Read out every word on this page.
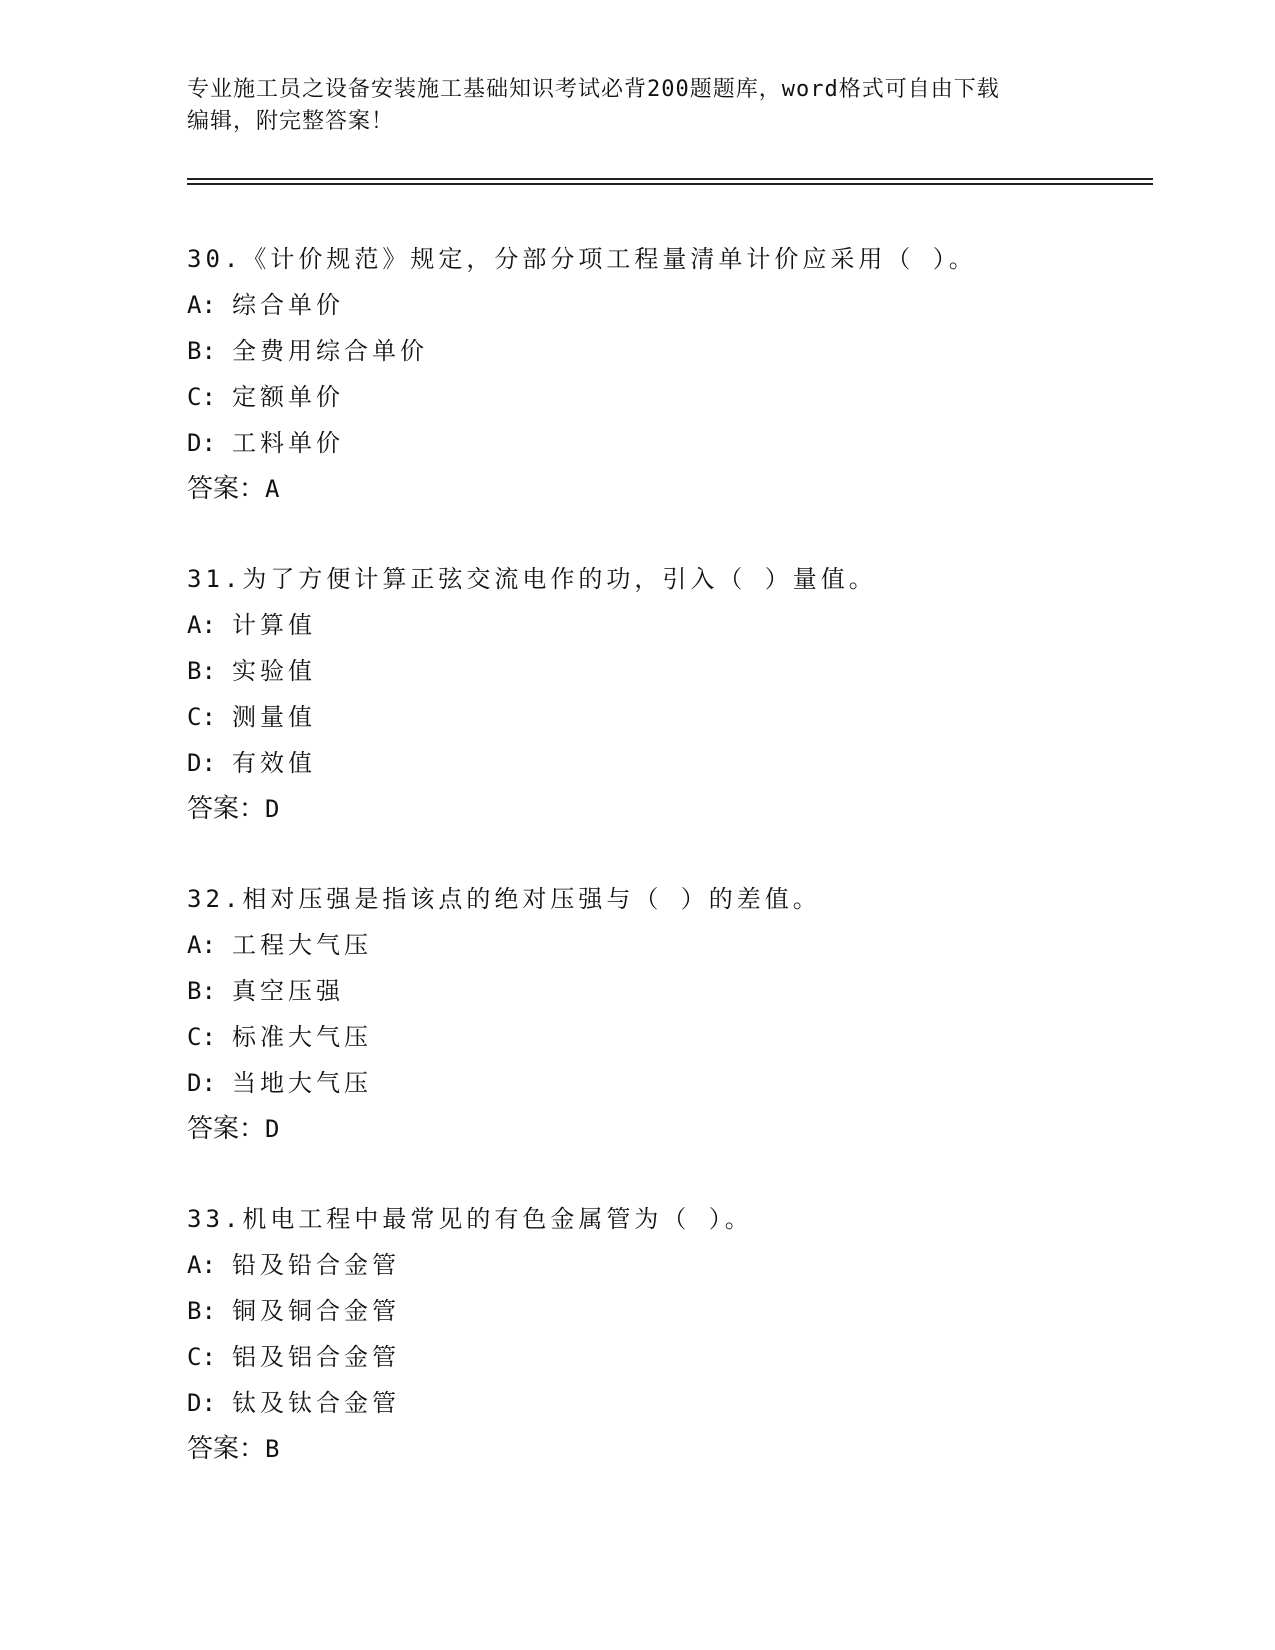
专业施工员之设备安装施工基础知识考试必背200题题库，word格式可自由下载
编辑，附完整答案！
30.《计价规范》规定，分部分项工程量清单计价应采用（ ）。
A: 综合单价
B: 全费用综合单价
C: 定额单价
D: 工料单价
答案：A
31.为了方便计算正弦交流电作的功，引入（ ）量值。
A: 计算值
B: 实验值
C: 测量值
D: 有效值
答案：D
32.相对压强是指该点的绝对压强与（ ）的差值。
A: 工程大气压
B: 真空压强
C: 标准大气压
D: 当地大气压
答案：D
33.机电工程中最常见的有色金属管为（ ）。
A: 铅及铅合金管
B: 铜及铜合金管
C: 铝及铝合金管
D: 钛及钛合金管
答案：B
